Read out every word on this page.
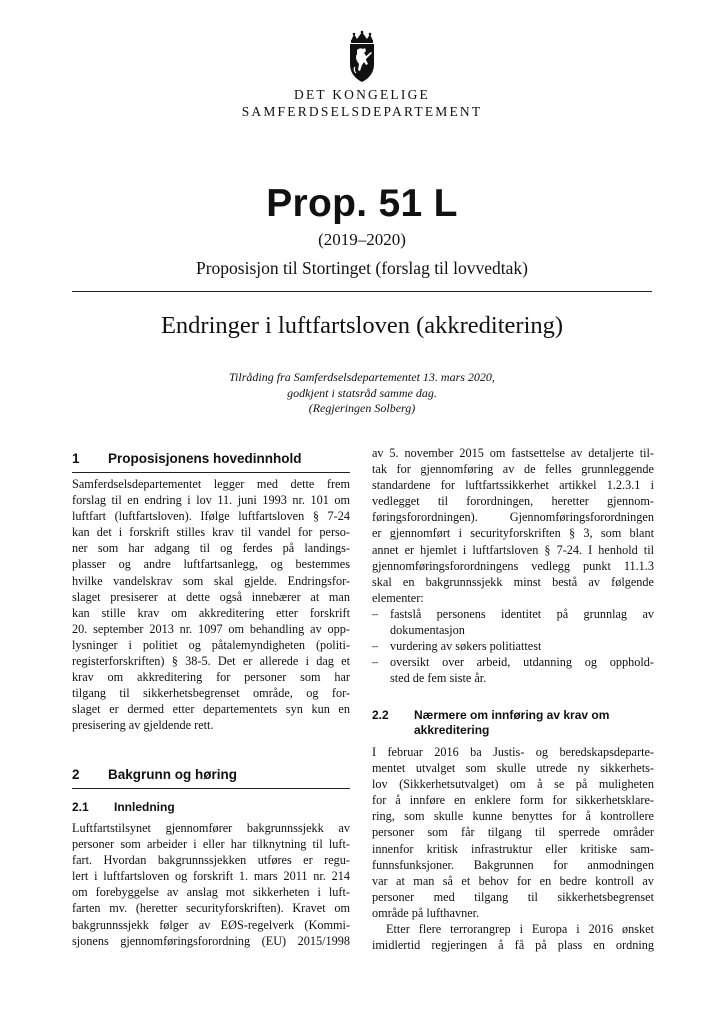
DET KONGELIGE
SAMFERDSELSDEPARTEMENT
Prop. 51 L
(2019–2020)
Proposisjon til Stortinget (forslag til lovvedtak)
Endringer i luftfartsloven (akkreditering)
Tilråding fra Samferdselsdepartementet 13. mars 2020,
godkjent i statsråd samme dag.
(Regjeringen Solberg)
1 Proposisjonens hovedinnhold
Samferdselsdepartementet legger med dette frem
forslag til en endring i lov 11. juni 1993 nr. 101 om
luftfart (luftfartsloven). Ifølge luftfartsloven § 7-24
kan det i forskrift stilles krav til vandel for perso-
ner som har adgang til og ferdes på landings-
plasser og andre luftfartsanlegg, og bestemmes
hvilke vandelskrav som skal gjelde. Endringsfor-
slaget presiserer at dette også innebærer at man
kan stille krav om akkreditering etter forskrift
20. september 2013 nr. 1097 om behandling av opp-
lysninger i politiet og påtalemyndigheten (politi-
registerforskriften) § 38-5. Det er allerede i dag et
krav om akkreditering for personer som har
tilgang til sikkerhetsbegrenset område, og for-
slaget er dermed etter departementets syn kun en
presisering av gjeldende rett.
2 Bakgrunn og høring
2.1 Innledning
Luftfartstilsynet gjennomfører bakgrunnssjekk av
personer som arbeider i eller har tilknytning til luft-
fart. Hvordan bakgrunnssjekken utføres er regu-
lert i luftfartsloven og forskrift 1. mars 2011 nr. 214
om forebyggelse av anslag mot sikkerheten i luft-
farten mv. (heretter securityforskriften). Kravet om
bakgrunnssjekk følger av EØS-regelverk (Kommi-
sjonens gjennomføringsforordning (EU) 2015/1998
av 5. november 2015 om fastsettelse av detaljerte til-
tak for gjennomføring av de felles grunnleggende
standardene for luftfartssikkerhet artikkel 1.2.3.1 i
vedlegget til forordningen, heretter gjennom-
føringsforordningen). Gjennomføringsforordningen
er gjennomført i securityforskriften § 3, som blant
annet er hjemlet i luftfartsloven § 7-24. I henhold til
gjennomføringsforordningens vedlegg punkt 11.1.3
skal en bakgrunnssjekk minst bestå av følgende
elementer:
– fastslå personens identitet på grunnlag av
dokumentasjon
– vurdering av søkers politiattest
– oversikt over arbeid, utdanning og opphold-
sted de fem siste år.
2.2 Nærmere om innføring av krav om
akkreditering
I februar 2016 ba Justis- og beredskapsdeparte-
mentet utvalget som skulle utrede ny sikkerhets-
lov (Sikkerhetsutvalget) om å se på muligheten
for å innføre en enklere form for sikkerhetsklare-
ring, som skulle kunne benyttes for å kontrollere
personer som får tilgang til sperrede områder
innenfor kritisk infrastruktur eller kritiske sam-
funnsfunksjoner. Bakgrunnen for anmodningen
var at man så et behov for en bedre kontroll av
personer med tilgang til sikkerhetsbegrenset
område på lufthavner.
Etter flere terrorangrep i Europa i 2016 ønsket
imidlertid regjeringen å få på plass en ordning
